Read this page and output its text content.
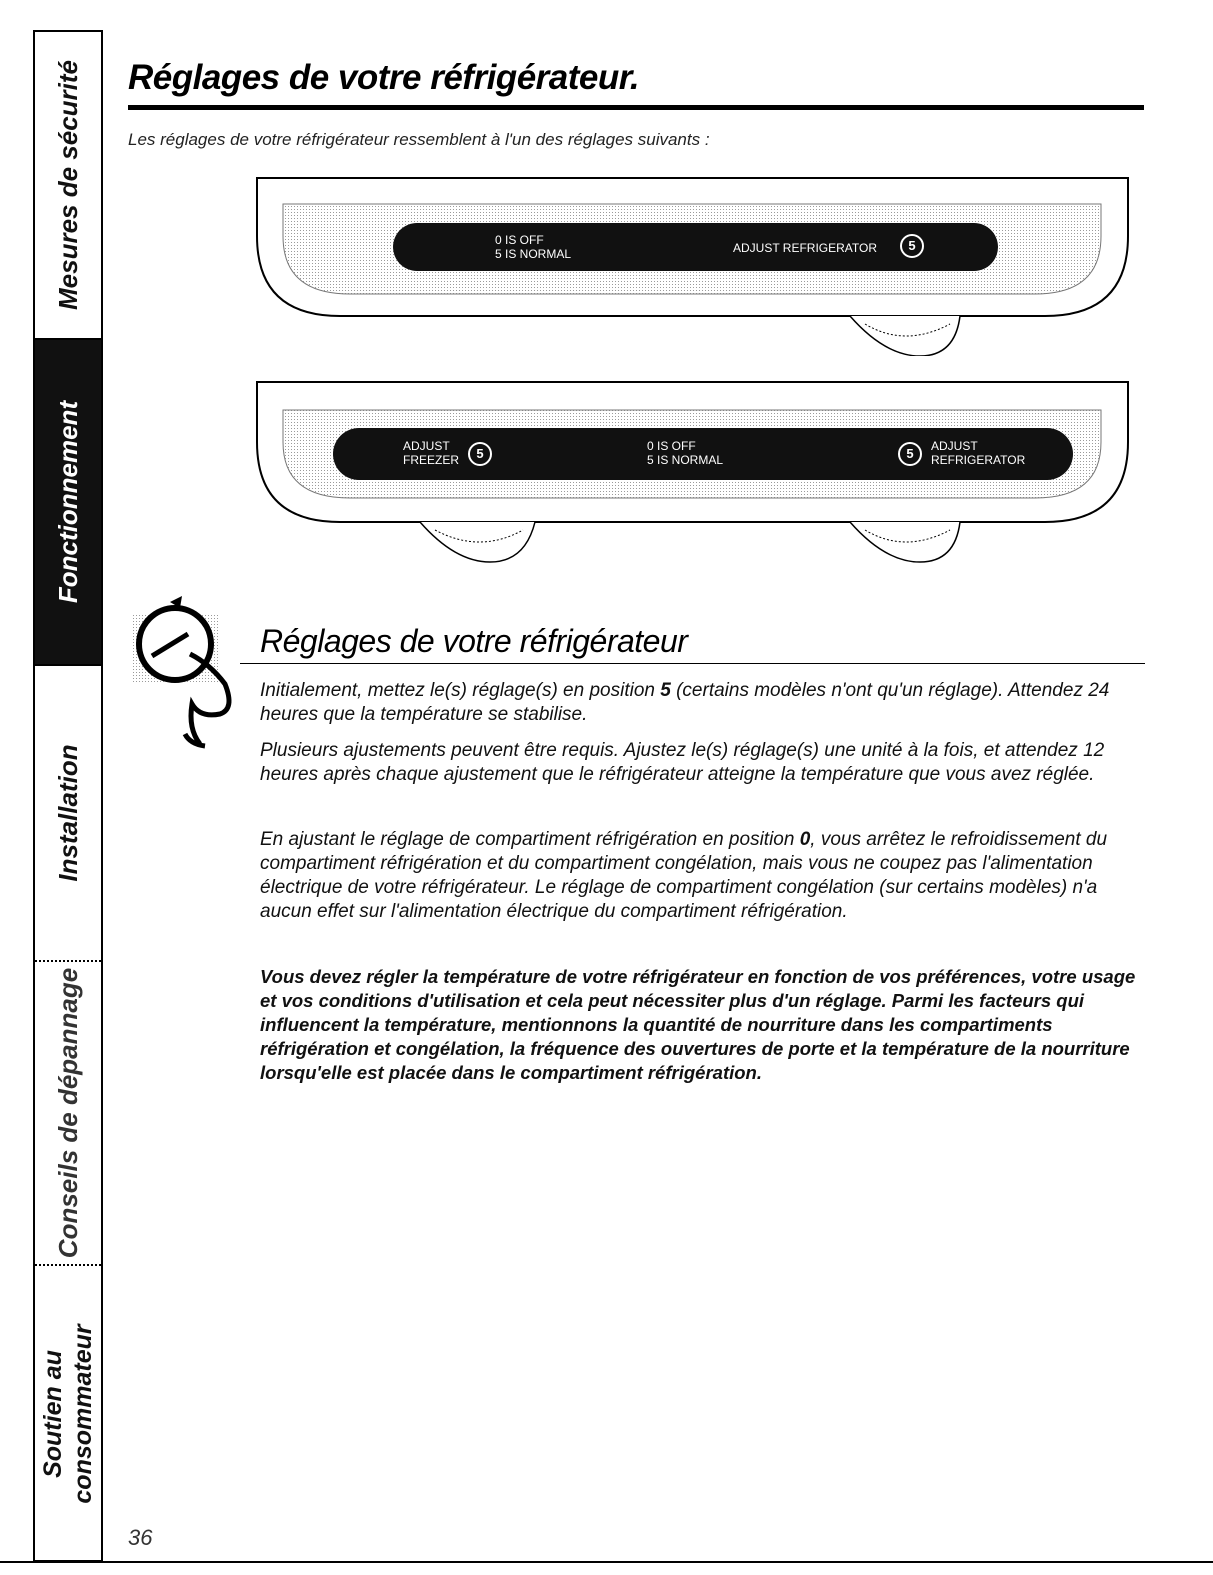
Mesures de sécurité
Fonctionnement
Installation
Conseils de dépannage
Soutien au
consommateur
Réglages de votre réfrigérateur.

Les réglages de votre réfrigérateur ressemblent à l'un des réglages suivants :

0 IS OFF
5 IS NORMAL	ADJUST REFRIGERATOR	5
ADJUST
FREEZER	5	0 IS OFF
5 IS NORMAL	5	ADJUST
REFRIGERATOR
Réglages de votre réfrigérateur

Initialement, mettez le(s) réglage(s) en position 5 (certains modèles n'ont qu'un réglage). Attendez 24 heures que la température se stabilise.

Plusieurs ajustements peuvent être requis. Ajustez le(s) réglage(s) une unité à la fois, et attendez 12 heures après chaque ajustement que le réfrigérateur atteigne la température que vous avez réglée.

En ajustant le réglage de compartiment réfrigération en position 0, vous arrêtez le refroidissement du compartiment réfrigération et du compartiment congélation, mais vous ne coupez pas l'alimentation électrique de votre réfrigérateur. Le réglage de compartiment congélation (sur certains modèles) n'a aucun effet sur l'alimentation électrique du compartiment réfrigération.

Vous devez régler la température de votre réfrigérateur en fonction de vos préférences, votre usage et vos conditions d'utilisation et cela peut nécessiter plus d'un réglage. Parmi les facteurs qui influencent la température, mentionnons la quantité de nourriture dans les compartiments réfrigération et congélation, la fréquence des ouvertures de porte et la température de la nourriture lorsqu'elle est placée dans le compartiment réfrigération.

36
